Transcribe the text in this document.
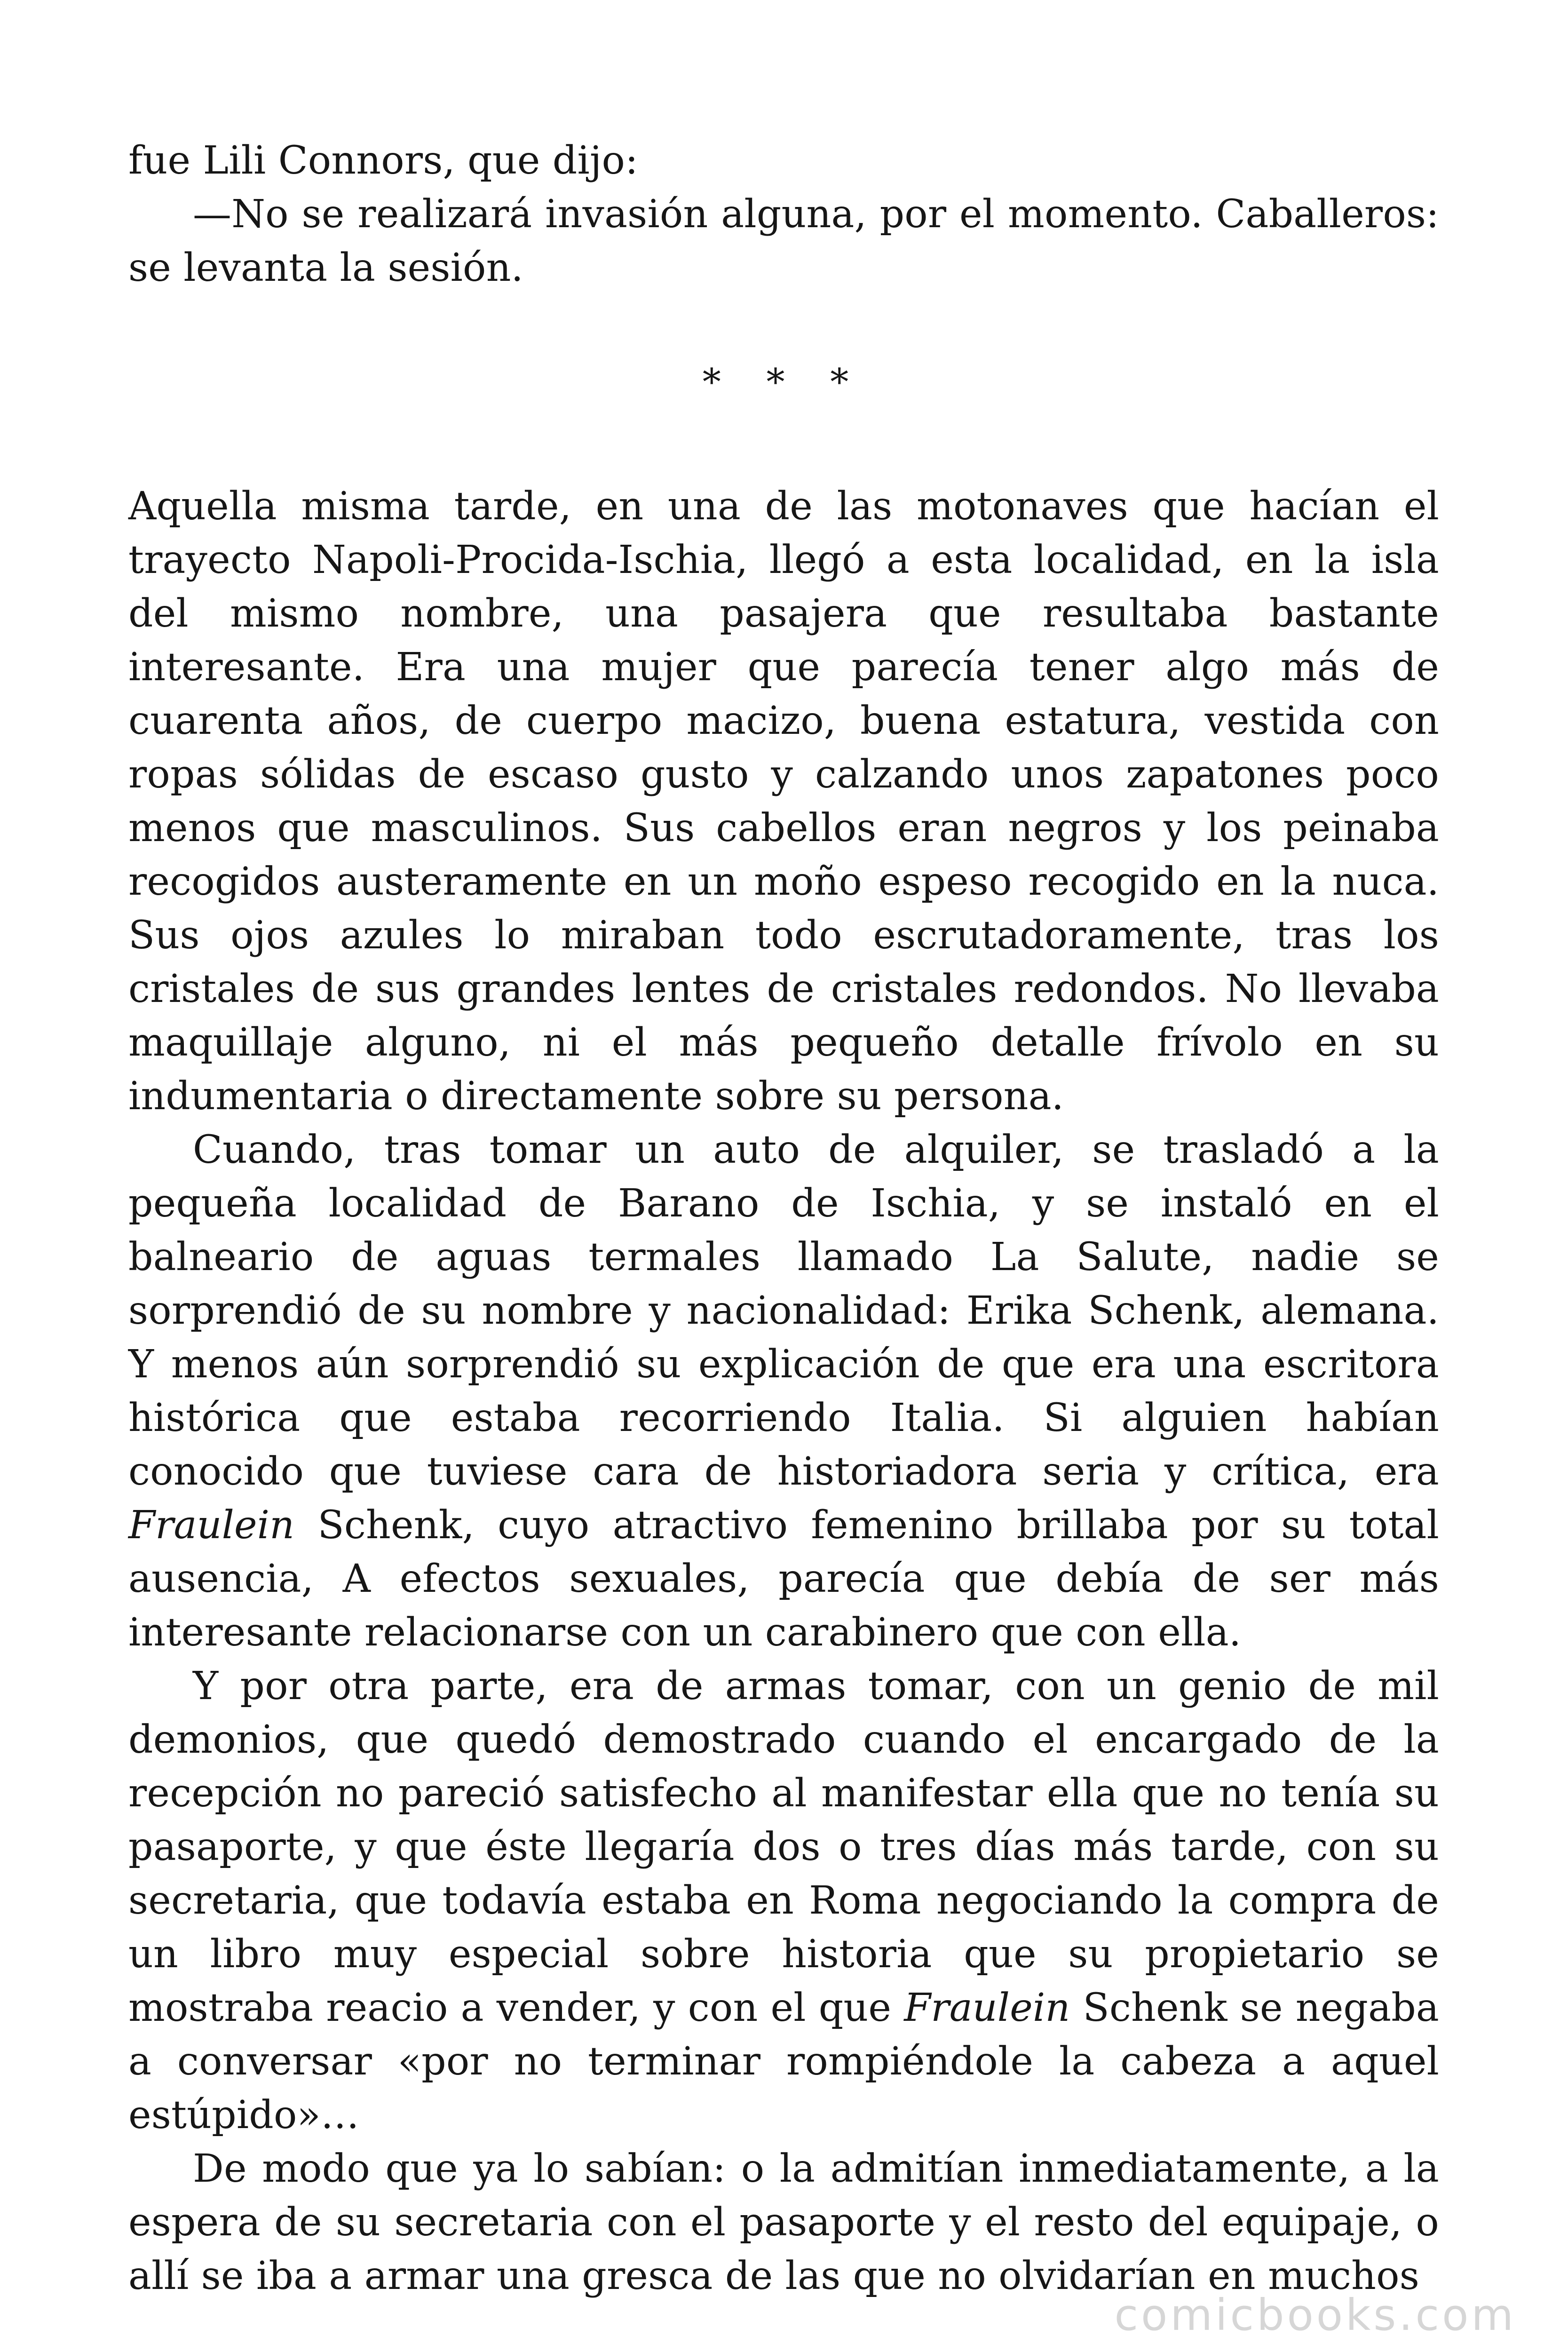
fue Lili Connors, que dijo:

—No se realizará invasión alguna, por el momento. Caballeros: se levanta la sesión.

* * *

Aquella misma tarde, en una de las motonaves que hacían el trayecto Napoli-Procida-Ischia, llegó a esta localidad, en la isla del mismo nombre, una pasajera que resultaba bastante interesante. Era una mujer que parecía tener algo más de cuarenta años, de cuerpo macizo, buena estatura, vestida con ropas sólidas de escaso gusto y calzando unos zapatones poco menos que masculinos. Sus cabellos eran negros y los peinaba recogidos austeramente en un moño espeso recogido en la nuca. Sus ojos azules lo miraban todo escrutadoramente, tras los cristales de sus grandes lentes de cristales redondos. No llevaba maquillaje alguno, ni el más pequeño detalle frívolo en su indumentaria o directamente sobre su persona.

Cuando, tras tomar un auto de alquiler, se trasladó a la pequeña localidad de Barano de Ischia, y se instaló en el balneario de aguas termales llamado La Salute, nadie se sorprendió de su nombre y nacionalidad: Erika Schenk, alemana. Y menos aún sorprendió su explicación de que era una escritora histórica que estaba recorriendo Italia. Si alguien habían conocido que tuviese cara de historiadora seria y crítica, era Fraulein Schenk, cuyo atractivo femenino brillaba por su total ausencia, A efectos sexuales, parecía que debía de ser más interesante relacionarse con un carabinero que con ella.

Y por otra parte, era de armas tomar, con un genio de mil demonios, que quedó demostrado cuando el encargado de la recepción no pareció satisfecho al manifestar ella que no tenía su pasaporte, y que éste llegaría dos o tres días más tarde, con su secretaria, que todavía estaba en Roma negociando la compra de un libro muy especial sobre historia que su propietario se mostraba reacio a vender, y con el que Fraulein Schenk se negaba a conversar «por no terminar rompiéndole la cabeza a aquel estúpido»…

De modo que ya lo sabían: o la admitían inmediatamente, a la espera de su secretaria con el pasaporte y el resto del equipaje, o allí se iba a armar una gresca de las que no olvidarían en muchos

comicbooks.com
